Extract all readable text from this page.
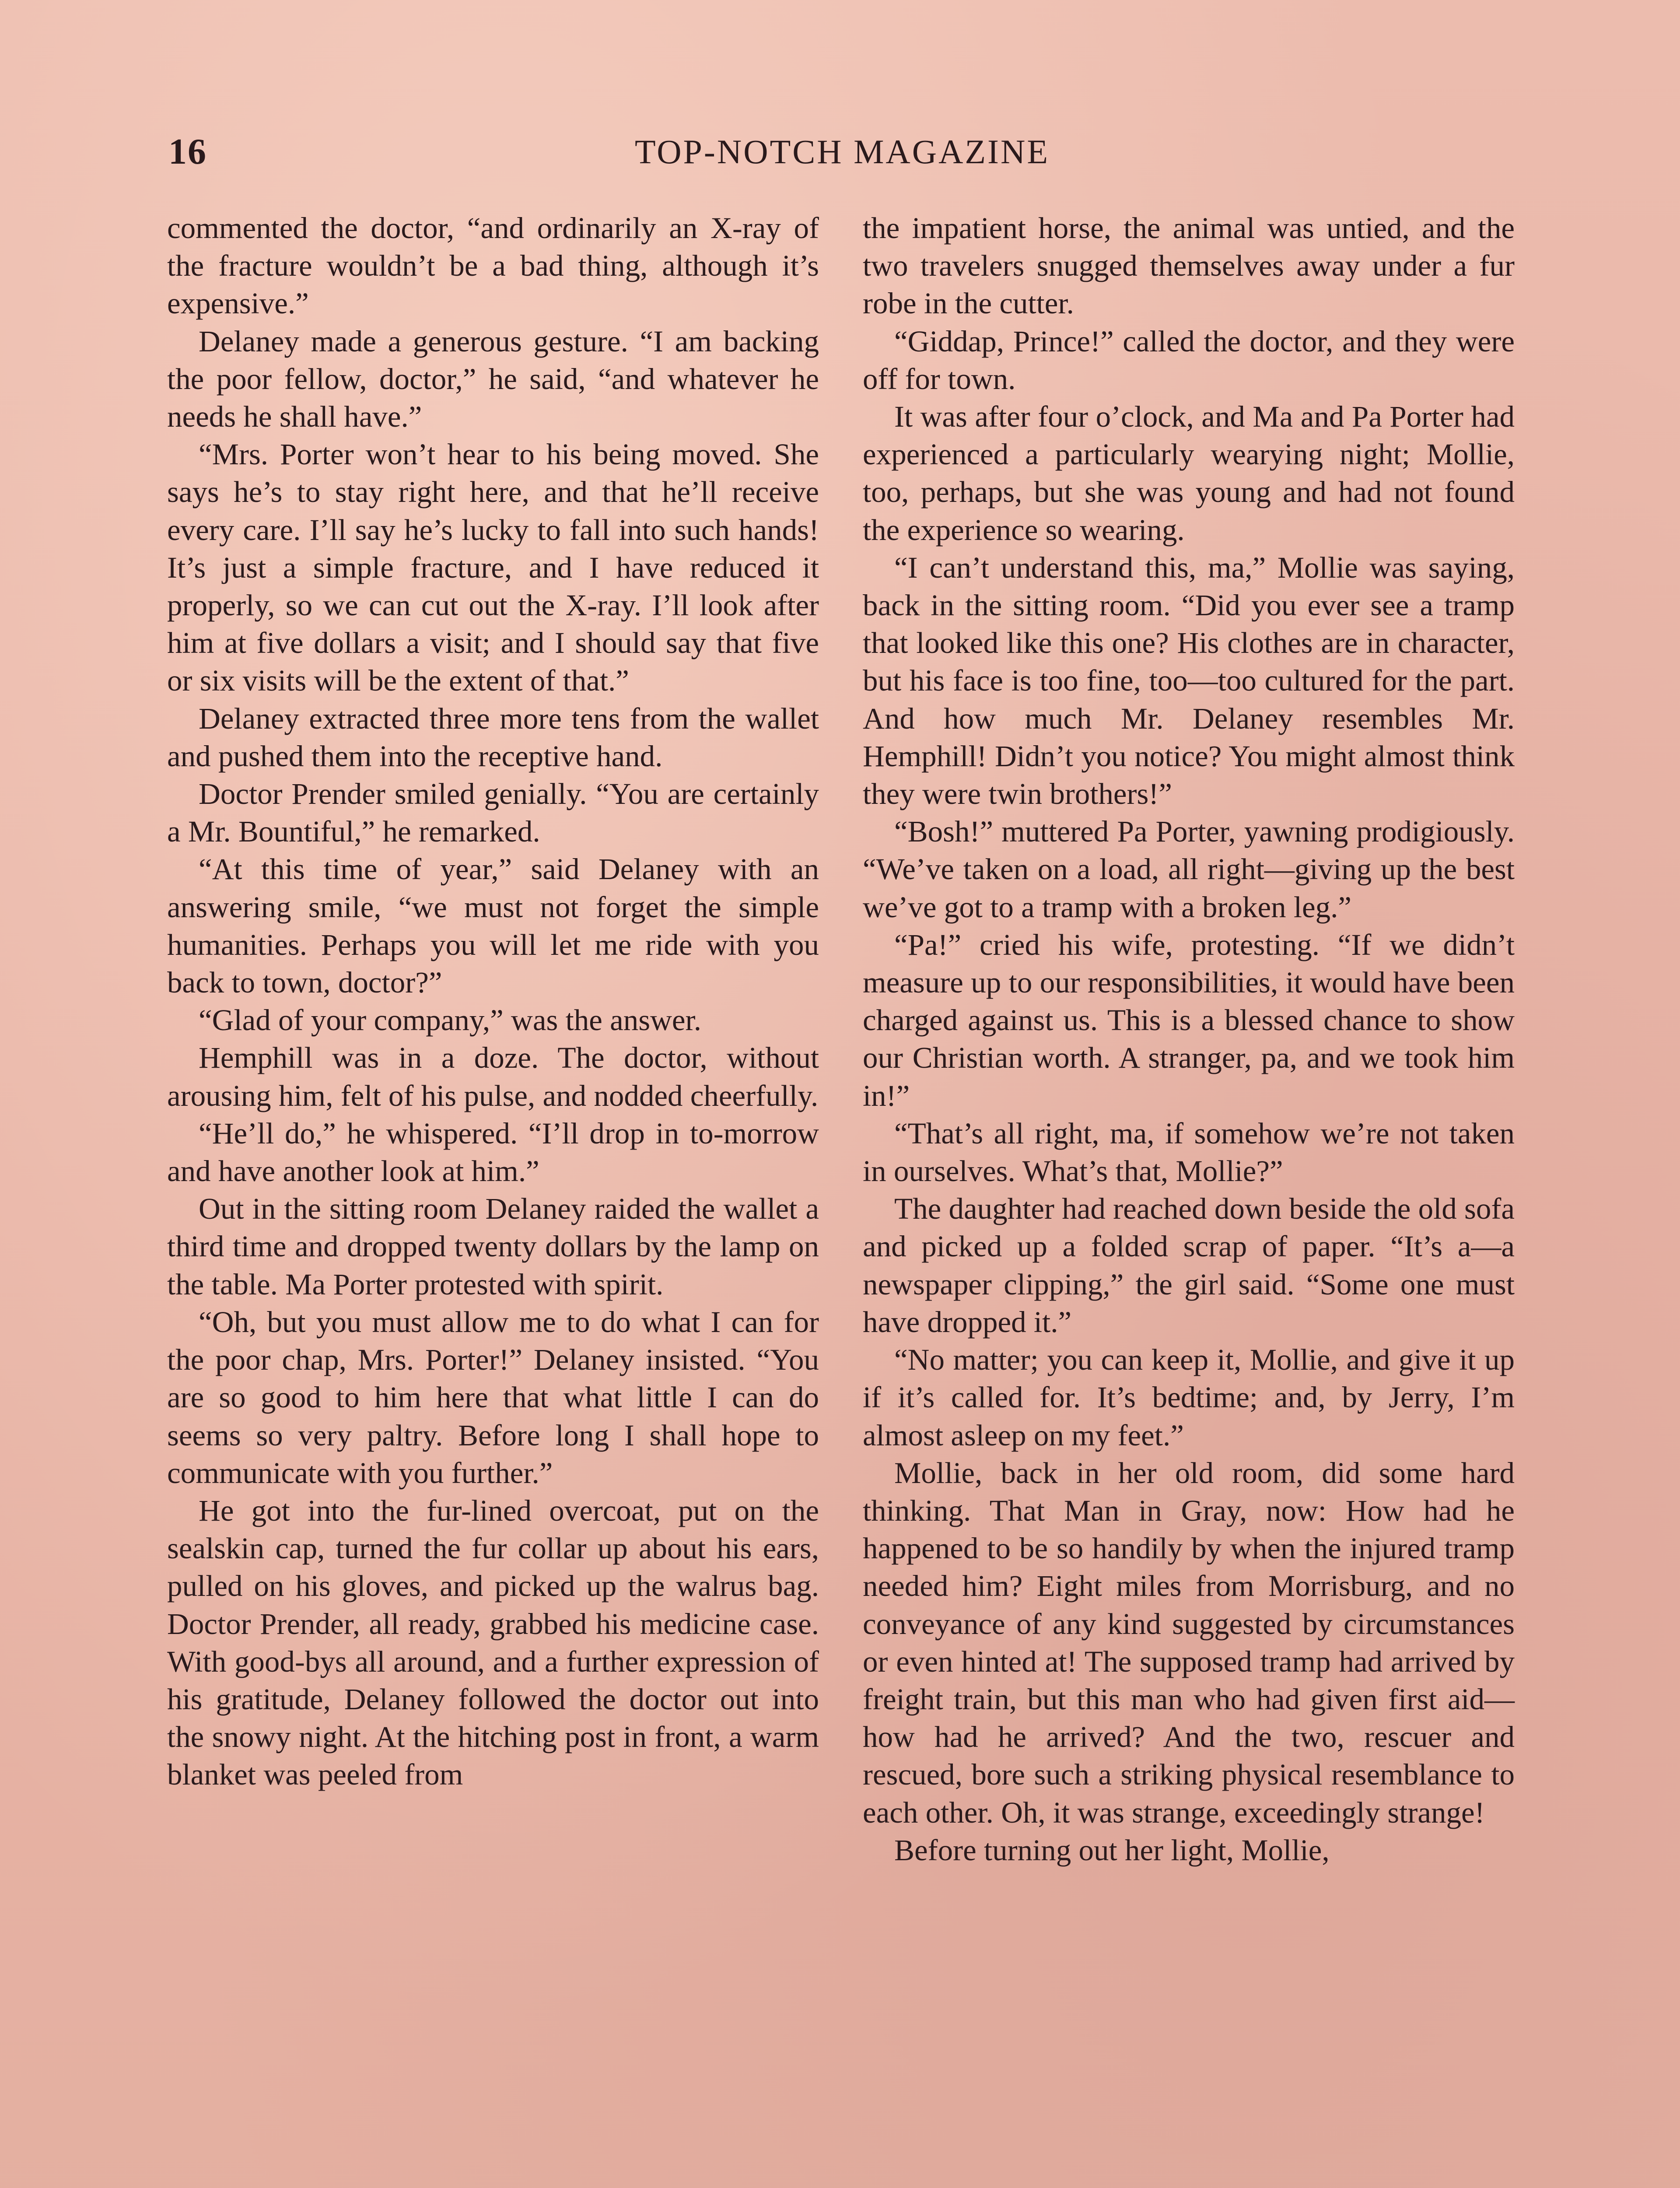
16	TOP-NOTCH MAGAZINE

commented the doctor, “and ordinarily an X-ray of the fracture wouldn’t be a bad thing, although it’s expensive.”

Delaney made a generous gesture. “I am backing the poor fellow, doctor,” he said, “and whatever he needs he shall have.”

“Mrs. Porter won’t hear to his being moved. She says he’s to stay right here, and that he’ll receive every care. I’ll say he’s lucky to fall into such hands! It’s just a simple fracture, and I have reduced it properly, so we can cut out the X-ray. I’ll look after him at five dollars a visit; and I should say that five or six visits will be the extent of that.”

Delaney extracted three more tens from the wallet and pushed them into the receptive hand.

Doctor Prender smiled genially. “You are certainly a Mr. Bountiful,” he remarked.

“At this time of year,” said Delaney with an answering smile, “we must not forget the simple humanities. Perhaps you will let me ride with you back to town, doctor?”

“Glad of your company,” was the answer.

Hemphill was in a doze. The doctor, without arousing him, felt of his pulse, and nodded cheerfully.

“He’ll do,” he whispered. “I’ll drop in to-morrow and have another look at him.”

Out in the sitting room Delaney raided the wallet a third time and dropped twenty dollars by the lamp on the table. Ma Porter protested with spirit.

“Oh, but you must allow me to do what I can for the poor chap, Mrs. Porter!” Delaney insisted. “You are so good to him here that what little I can do seems so very paltry. Before long I shall hope to communicate with you further.”

He got into the fur-lined overcoat, put on the sealskin cap, turned the fur collar up about his ears, pulled on his gloves, and picked up the walrus bag. Doctor Prender, all ready, grabbed his medicine case. With good-bys all around, and a further expression of his gratitude, Delaney followed the doctor out into the snowy night. At the hitching post in front, a warm blanket was peeled from

the impatient horse, the animal was untied, and the two travelers snugged themselves away under a fur robe in the cutter.

“Giddap, Prince!” called the doctor, and they were off for town.

It was after four o’clock, and Ma and Pa Porter had experienced a particularly wearying night; Mollie, too, perhaps, but she was young and had not found the experience so wearing.

“I can’t understand this, ma,” Mollie was saying, back in the sitting room. “Did you ever see a tramp that looked like this one? His clothes are in character, but his face is too fine, too—too cultured for the part. And how much Mr. Delaney resembles Mr. Hemphill! Didn’t you notice? You might almost think they were twin brothers!”

“Bosh!” muttered Pa Porter, yawning prodigiously. “We’ve taken on a load, all right—giving up the best we’ve got to a tramp with a broken leg.”

“Pa!” cried his wife, protesting. “If we didn’t measure up to our responsibilities, it would have been charged against us. This is a blessed chance to show our Christian worth. A stranger, pa, and we took him in!”

“That’s all right, ma, if somehow we’re not taken in ourselves. What’s that, Mollie?”

The daughter had reached down beside the old sofa and picked up a folded scrap of paper. “It’s a—a newspaper clipping,” the girl said. “Some one must have dropped it.”

“No matter; you can keep it, Mollie, and give it up if it’s called for. It’s bedtime; and, by Jerry, I’m almost asleep on my feet.”

Mollie, back in her old room, did some hard thinking. That Man in Gray, now: How had he happened to be so handily by when the injured tramp needed him? Eight miles from Morrisburg, and no conveyance of any kind suggested by circumstances or even hinted at! The supposed tramp had arrived by freight train, but this man who had given first aid—how had he arrived? And the two, rescuer and rescued, bore such a striking physical resemblance to each other. Oh, it was strange, exceedingly strange!

Before turning out her light, Mollie,
